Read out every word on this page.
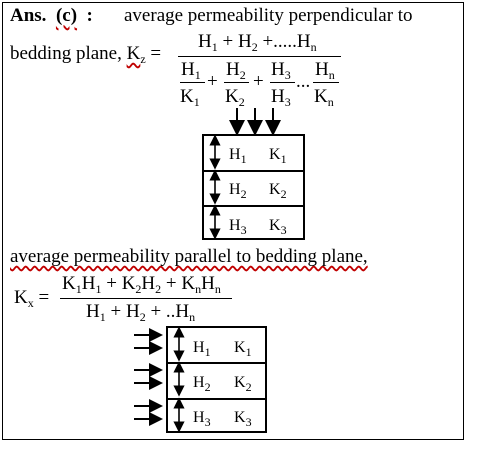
Ans. (c) : average permeability perpendicular to
bedding plane, $K_z$ =
$H_1 + H_2 +.....H_n$
$H_1$
$K_1$
+
$H_2$
$K_2$
+
$H_3$
$H_3$
...
$H_n$
$K_n$
$H_1$ $K_1$
$H_2$ $K_2$
$H_3$ $K_3$
average permeability parallel to bedding plane,
$K_x$ =
$K_1H_1 + K_2H_2 + K_nH_n$
$H_1 + H_2 + ..H_n$
$H_1$ $K_1$
$H_2$ $K_2$
$H_3$ $K_3$
